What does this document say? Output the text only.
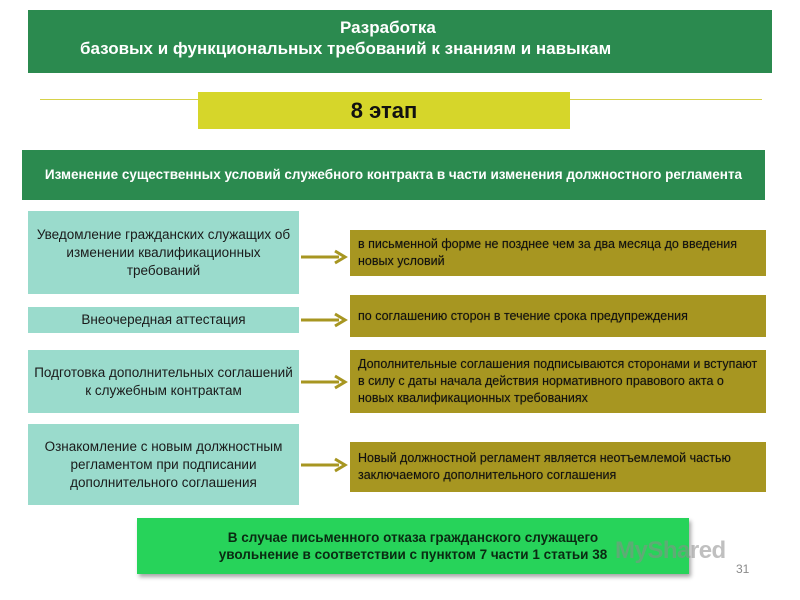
Разработка
базовых и функциональных требований к знаниям и навыкам
8 этап
Изменение существенных условий служебного контракта в части изменения должностного регламента
Уведомление гражданских служащих об изменении квалификационных требований
в письменной форме не позднее чем за два месяца до введения новых условий
Внеочередная аттестация	по соглашению сторон в течение срока предупреждения
Подготовка дополнительных соглашений к служебным контрактам
Дополнительные соглашения подписываются сторонами и вступают в силу с даты начала действия нормативного правового акта о новых квалификационных требованиях
Ознакомление с новым должностным регламентом при подписании дополнительного соглашения
Новый должностной регламент является неотъемлемой частью заключаемого дополнительного соглашения
В случае письменного отказа гражданского служащего
увольнение в соответствии с пунктом 7 части 1 статьи 38 MyShared
31
